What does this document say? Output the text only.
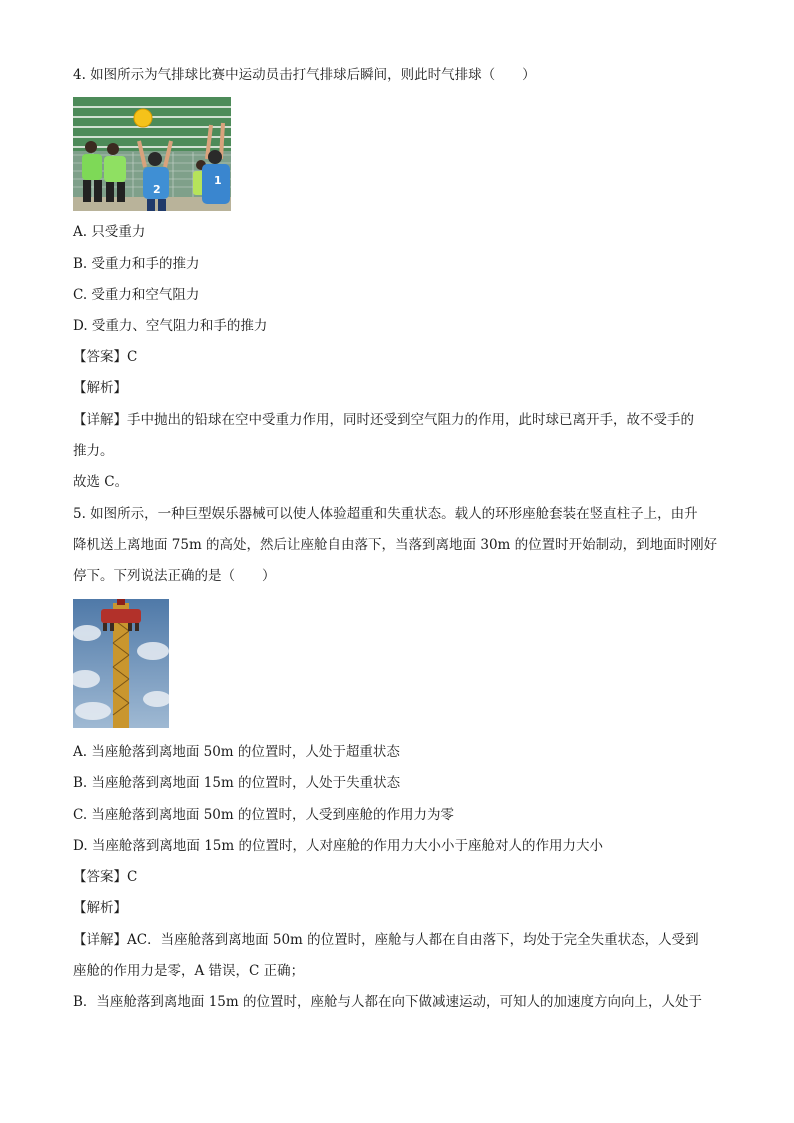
4. 如图所示为气排球比赛中运动员击打气排球后瞬间，则此时气排球（　　）
2
1
A. 只受重力
B. 受重力和手的推力
C. 受重力和空气阻力
D. 受重力、空气阻力和手的推力
【答案】C
【解析】
【详解】手中抛出的铅球在空中受重力作用，同时还受到空气阻力的作用，此时球已离开手，故不受手的
推力。
故选 C。
5. 如图所示，一种巨型娱乐器械可以使人体验超重和失重状态。载人的环形座舱套装在竖直柱子上，由升
降机送上离地面 75m 的高处，然后让座舱自由落下，当落到离地面 30m 的位置时开始制动，到地面时刚好
停下。下列说法正确的是（　　）
A. 当座舱落到离地面 50m 的位置时，人处于超重状态
B. 当座舱落到离地面 15m 的位置时，人处于失重状态
C. 当座舱落到离地面 50m 的位置时，人受到座舱的作用力为零
D. 当座舱落到离地面 15m 的位置时，人对座舱的作用力大小小于座舱对人的作用力大小
【答案】C
【解析】
【详解】AC．当座舱落到离地面 50m 的位置时，座舱与人都在自由落下，均处于完全失重状态，人受到
座舱的作用力是零，A 错误，C 正确；
B．当座舱落到离地面 15m 的位置时，座舱与人都在向下做减速运动，可知人的加速度方向向上，人处于
